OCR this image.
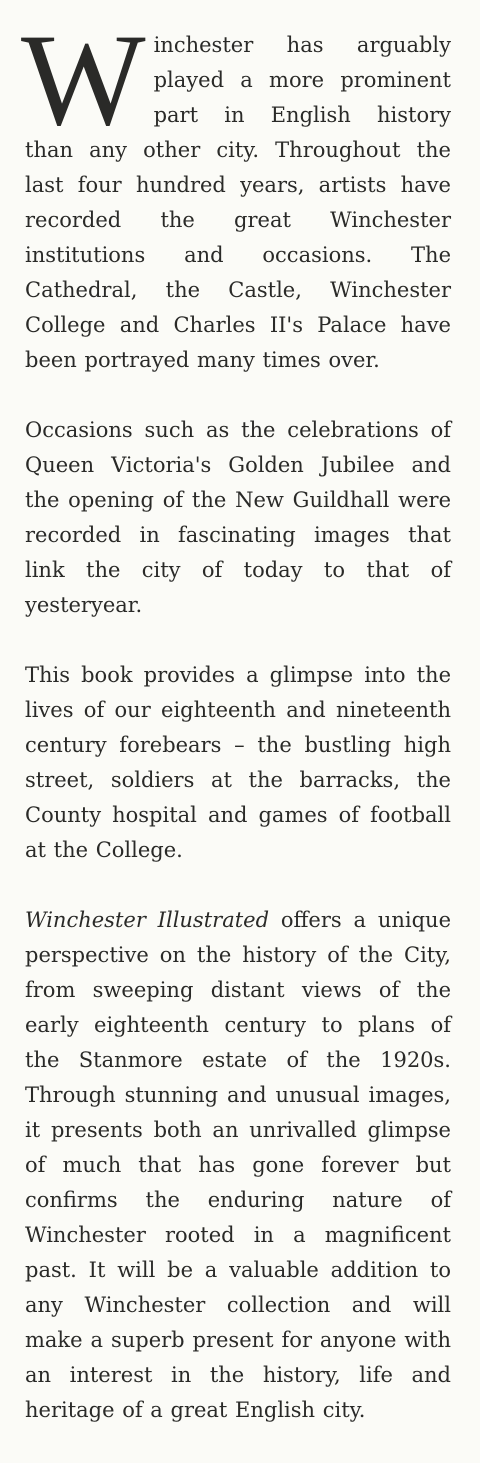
Winchester has arguably played a more prominent part in English history than any other city. Throughout the last four hundred years, artists have recorded the great Winchester institutions and occasions. The Cathedral, the Castle, Winchester College and Charles II's Palace have been portrayed many times over.

Occasions such as the celebrations of Queen Victoria's Golden Jubilee and the opening of the New Guildhall were recorded in fascinating images that link the city of today to that of yesteryear.

This book provides a glimpse into the lives of our eighteenth and nineteenth century forebears – the bustling high street, soldiers at the barracks, the County hospital and games of football at the College.

Winchester Illustrated offers a unique perspective on the history of the City, from sweeping distant views of the early eighteenth century to plans of the Stanmore estate of the 1920s. Through stunning and unusual images, it presents both an unrivalled glimpse of much that has gone forever but confirms the enduring nature of Winchester rooted in a magnificent past. It will be a valuable addition to any Winchester collection and will make a superb present for anyone with an interest in the history, life and heritage of a great English city.
